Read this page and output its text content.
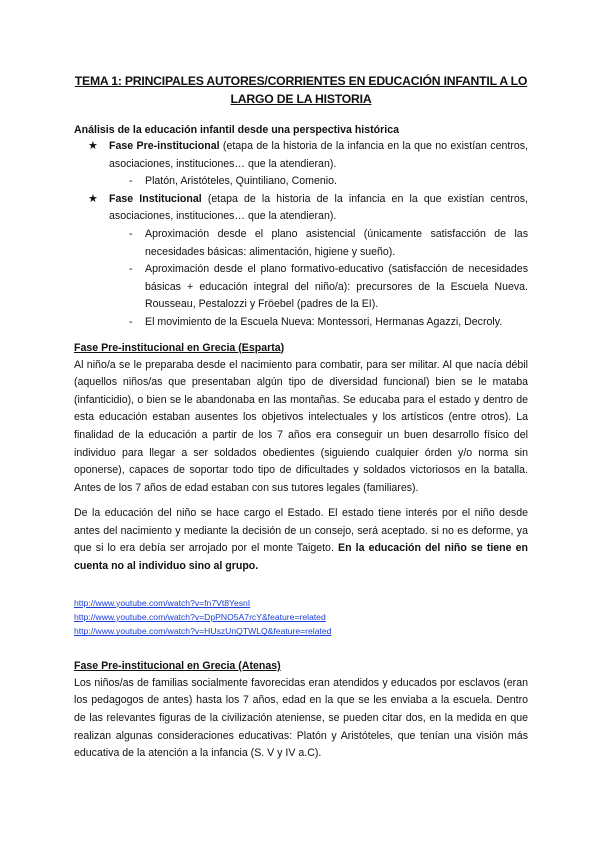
TEMA 1: PRINCIPALES AUTORES/CORRIENTES EN EDUCACIÓN INFANTIL A LO LARGO DE LA HISTORIA
Análisis de la educación infantil desde una perspectiva histórica
★ Fase Pre-institucional (etapa de la historia de la infancia en la que no existían centros, asociaciones, instituciones… que la atendieran).
- Platón, Aristóteles, Quintiliano, Comenio.
★ Fase Institucional (etapa de la historia de la infancia en la que existían centros, asociaciones, instituciones… que la atendieran).
- Aproximación desde el plano asistencial (únicamente satisfacción de las necesidades básicas: alimentación, higiene y sueño).
- Aproximación desde el plano formativo-educativo (satisfacción de necesidades básicas + educación integral del niño/a): precursores de la Escuela Nueva. Rousseau, Pestalozzi y Fröebel (padres de la EI).
- El movimiento de la Escuela Nueva: Montessori, Hermanas Agazzi, Decroly.
Fase Pre-institucional en Grecia (Esparta)

Al niño/a se le preparaba desde el nacimiento para combatir, para ser militar. Al que nacía débil (aquellos niños/as que presentaban algún tipo de diversidad funcional) bien se le mataba (infanticidio), o bien se le abandonaba en las montañas. Se educaba para el estado y dentro de esta educación estaban ausentes los objetivos intelectuales y los artísticos (entre otros). La finalidad de la educación a partir de los 7 años era conseguir un buen desarrollo físico del individuo para llegar a ser soldados obedientes (siguiendo cualquier órden y/o norma sin oponerse), capaces de soportar todo tipo de dificultades y soldados victoriosos en la batalla. Antes de los 7 años de edad estaban con sus tutores legales (familiares).

De la educación del niño se hace cargo el Estado. El estado tiene interés por el niño desde antes del nacimiento y mediante la decisión de un consejo, será aceptado. si no es deforme, ya que si lo era debía ser arrojado por el monte Taigeto. En la educación del niño se tiene en cuenta no al individuo sino al grupo.

http://www.youtube.com/watch?v=fn7Vt8YesnI
http://www.youtube.com/watch?v=DpPNO5A7rcY&feature=related
http://www.youtube.com/watch?v=HUszUnQTWLQ&feature=related
Fase Pre-institucional en Grecia (Atenas)

Los niños/as de familias socialmente favorecidas eran atendidos y educados por esclavos (eran los pedagogos de antes) hasta los 7 años, edad en la que se les enviaba a la escuela. Dentro de las relevantes figuras de la civilización ateniense, se pueden citar dos, en la medida en que realizan algunas consideraciones educativas: Platón y Aristóteles, que tenían una visión más educativa de la atención a la infancia (S. V y IV a.C).
